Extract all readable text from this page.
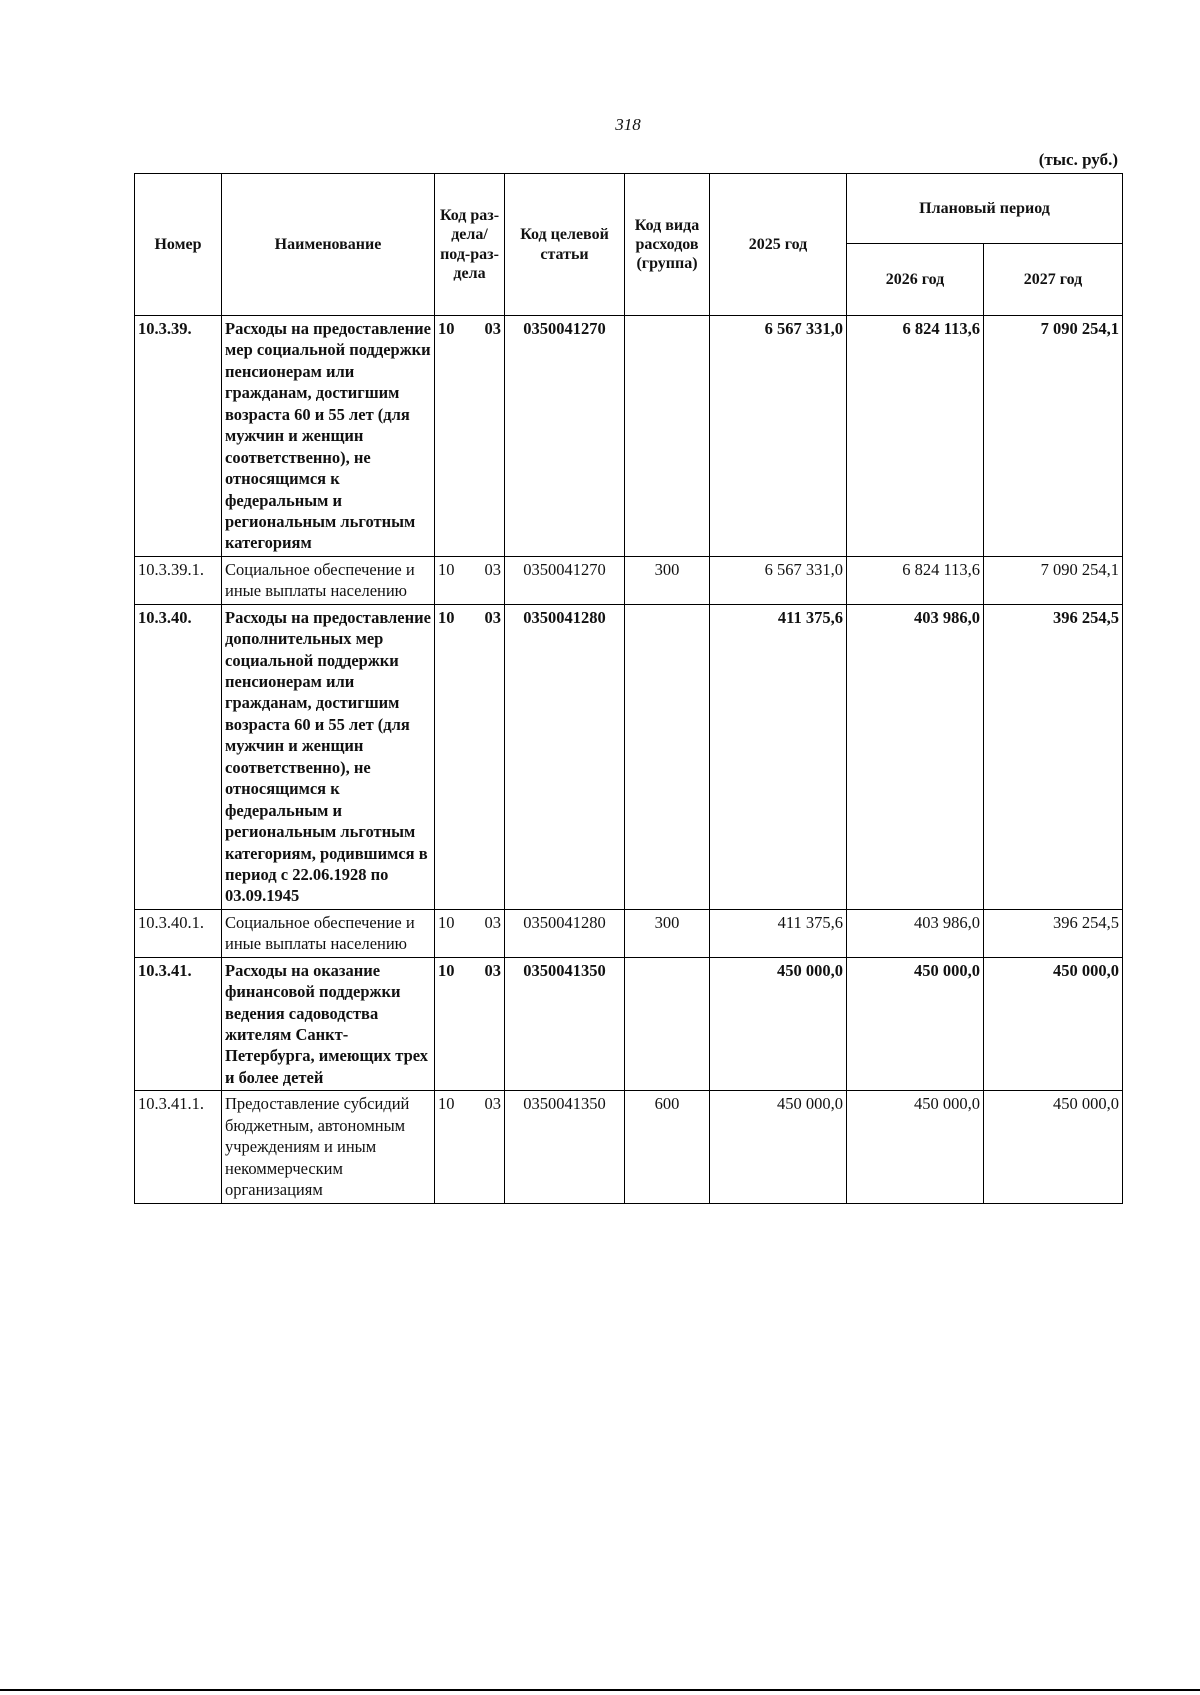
318
(тыс. руб.)
Номер	Наименование	Код раз-дела/ под-раз-дела	Код целевой статьи	Код вида расходов (группа)	2025 год	Плановый период	
						2026 год	2027 год
10.3.39.	Расходы на предоставление мер социальной поддержки пенсионерам или гражданам, достигшим возраста 60 и 55 лет (для мужчин и женщин соответственно), не относящимся к федеральным и региональным льготным категориям	10 03	0350041270		6 567 331,0	6 824 113,6	7 090 254,1
10.3.39.1.	Социальное обеспечение и иные выплаты населению	10 03	0350041270	300	6 567 331,0	6 824 113,6	7 090 254,1
10.3.40.	Расходы на предоставление дополнительных мер социальной поддержки пенсионерам или гражданам, достигшим возраста 60 и 55 лет (для мужчин и женщин соответственно), не относящимся к федеральным и региональным льготным категориям, родившимся в период с 22.06.1928 по 03.09.1945	10 03	0350041280		411 375,6	403 986,0	396 254,5
10.3.40.1.	Социальное обеспечение и иные выплаты населению	10 03	0350041280	300	411 375,6	403 986,0	396 254,5
10.3.41.	Расходы на оказание финансовой поддержки ведения садоводства жителям Санкт-Петербурга, имеющих трех и более детей	10 03	0350041350		450 000,0	450 000,0	450 000,0
10.3.41.1.	Предоставление субсидий бюджетным, автономным учреждениям и иным некоммерческим организациям	10 03	0350041350	600	450 000,0	450 000,0	450 000,0
